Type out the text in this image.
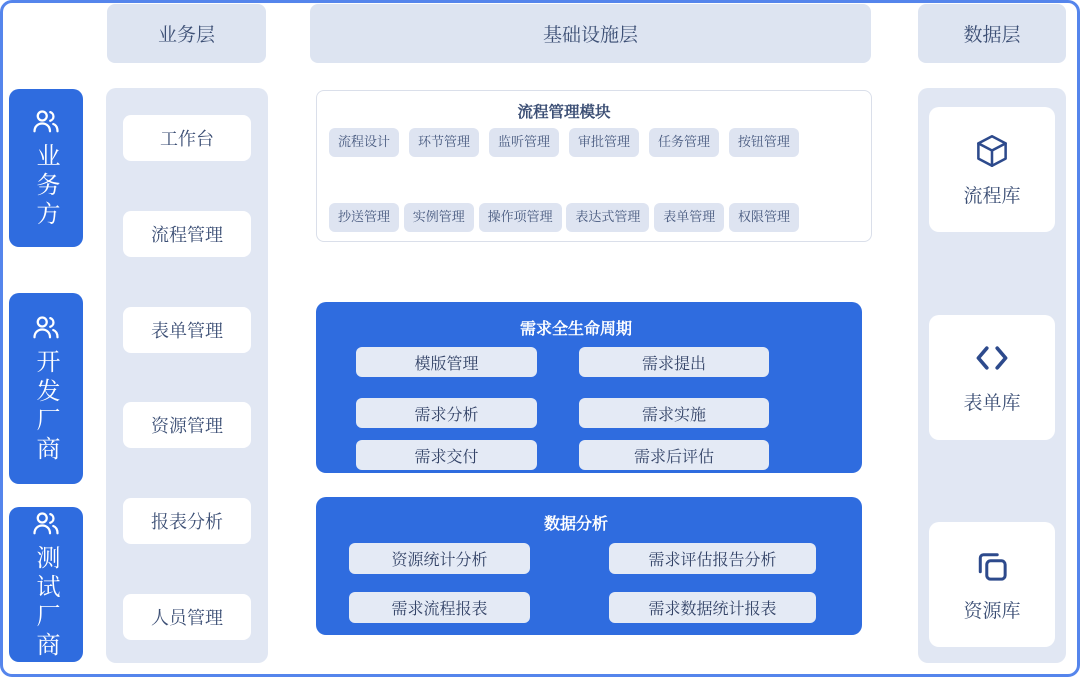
业务层	基础设施层	数据层
业务方
开发厂商
测试厂商
工作台
流程管理
表单管理
资源管理
报表分析
人员管理
流程管理模块
流程设计	环节管理	监听管理	审批管理	任务管理	按钮管理
抄送管理	实例管理	操作项管理	表达式管理	表单管理	权限管理
需求全生命周期
模版管理	需求提出
需求分析	需求实施
需求交付	需求后评估
数据分析
资源统计分析	需求评估报告分析
需求流程报表	需求数据统计报表
流程库
表单库
资源库
